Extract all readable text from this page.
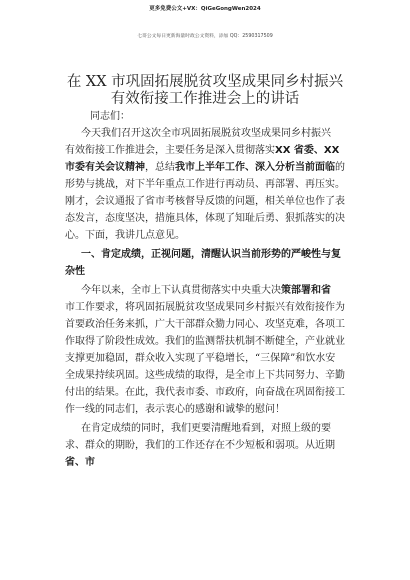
更多免费公文+VX：QiGeGongWen2024
七哥公文每日更新海量时政公文资料，添加 QQ：2590317509
在 XX 市巩固拓展脱贫攻坚成果同乡村振兴
有效衔接工作推进会上的讲话
同志们：
今天我们召开这次全市巩固拓展脱贫攻坚成果同乡村振兴
有效衔接工作推进会，主要任务是深入贯彻落实XX 省委、XX
市委有关会议精神，总结我市上半年工作、深入分析当前面临的
形势与挑战，对下半年重点工作进行再动员、再部署、再压实。
刚才，会议通报了省市考核督导反馈的问题，相关单位也作了表
态发言，态度坚决，措施具体，体现了知耻后勇、狠抓落实的决
心。下面，我讲几点意见。
一、肯定成绩，正视问题，清醒认识当前形势的严峻性与复
杂性
今年以来，全市上下认真贯彻落实中央重大决策部署和省
市工作要求，将巩固拓展脱贫攻坚成果同乡村振兴有效衔接作为
首要政治任务来抓，广大干部群众勠力同心、攻坚克难，各项工
作取得了阶段性成效。我们的监测帮扶机制不断健全，产业就业
支撑更加稳固，群众收入实现了平稳增长，“三保障”和饮水安
全成果持续巩固。这些成绩的取得，是全市上下共同努力、辛勤
付出的结果。在此，我代表市委、市政府，向奋战在巩固衔接工
作一线的同志们，表示衷心的感谢和诚挚的慰问！
在肯定成绩的同时，我们更要清醒地看到，对照上级的要
求、群众的期盼，我们的工作还存在不少短板和弱项。从近期
省、市
